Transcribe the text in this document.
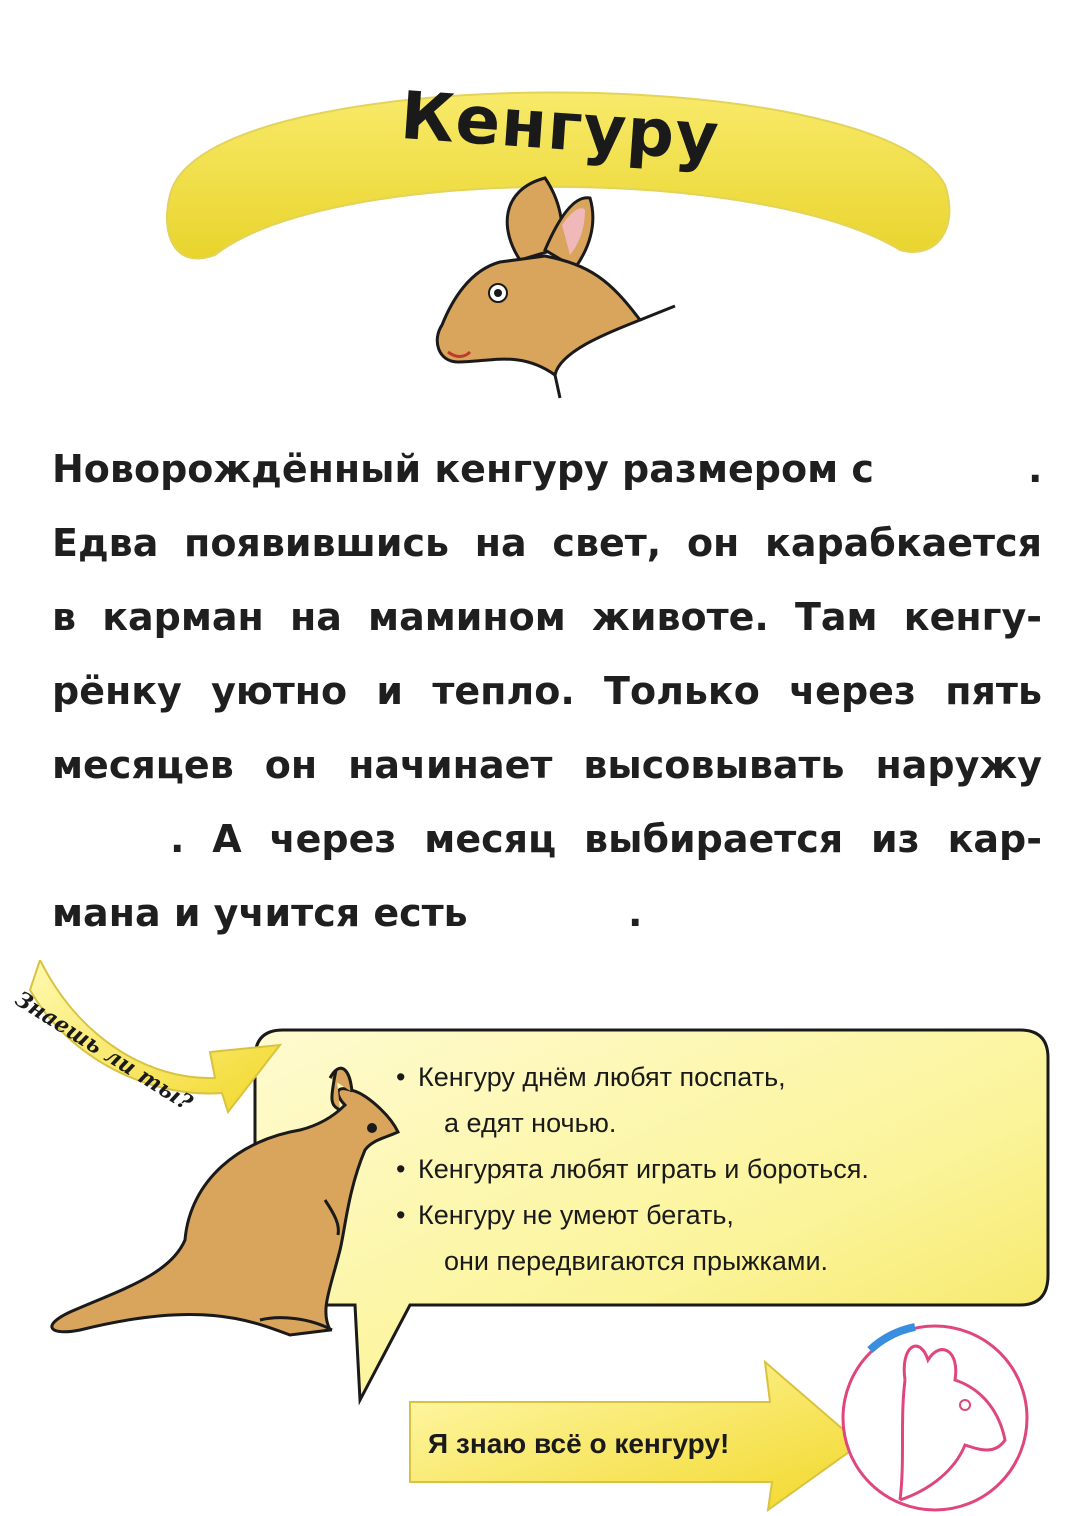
Кенгуру
Новорождённый кенгуру размером с	.
Едва появившись на свет, он карабкается
в карман на мамином животе. Там кенгу-
рёнку уютно и тепло. Только через пять
месяцев он начинает высовывать наружу
. А через месяц выбирается из кар-
мана и учится есть	.
Знаешь ли ты?	• Кенгуру днём любят поспать,
а едят ночью.
• Кенгурята любят играть и бороться.
• Кенгуру не умеют бегать,
они передвигаются прыжками.
Я знаю всё о кенгуру!
